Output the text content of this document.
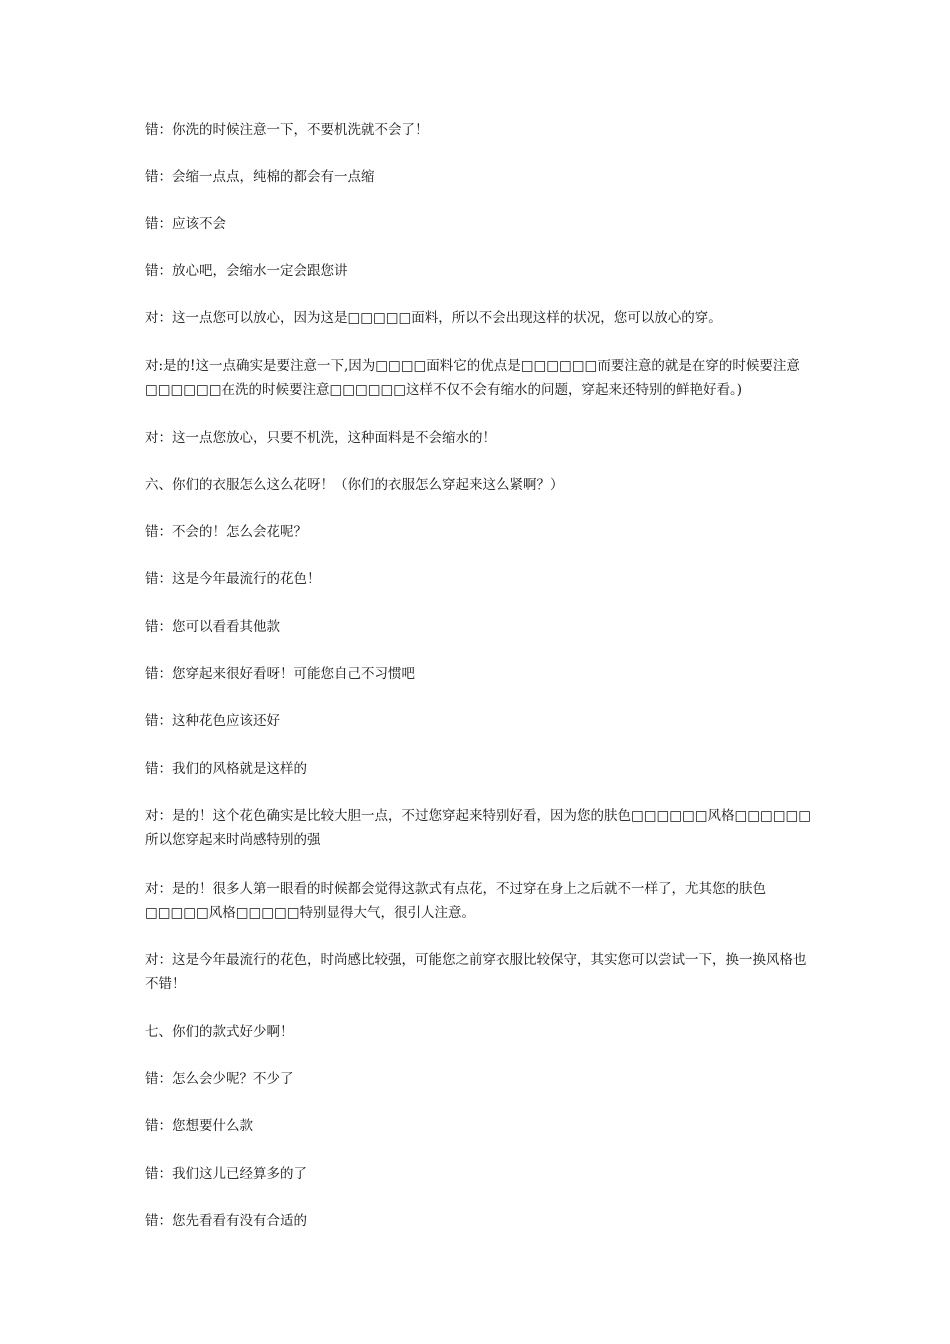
错：你洗的时候注意一下，不要机洗就不会了！

错：会缩一点点，纯棉的都会有一点缩

错：应该不会

错：放心吧，会缩水一定会跟您讲

对：这一点您可以放心，因为这是□□□□□面料，所以不会出现这样的状况，您可以放心的穿。

对:是的!这一点确实是要注意一下,因为□□□□面料它的优点是□□□□□□而要注意的就是在穿的时候要注意□□□□□□在洗的时候要注意□□□□□□这样不仅不会有缩水的问题，穿起来还特别的鲜艳好看。)

对：这一点您放心，只要不机洗，这种面料是不会缩水的！

六、你们的衣服怎么这么花呀！（你们的衣服怎么穿起来这么紧啊？）

错：不会的！怎么会花呢？

错：这是今年最流行的花色！

错：您可以看看其他款

错：您穿起来很好看呀！可能您自己不习惯吧

错：这种花色应该还好

错：我们的风格就是这样的

对：是的！这个花色确实是比较大胆一点，不过您穿起来特别好看，因为您的肤色□□□□□□风格□□□□□□所以您穿起来时尚感特别的强

对：是的！很多人第一眼看的时候都会觉得这款式有点花，不过穿在身上之后就不一样了，尤其您的肤色□□□□□风格□□□□□特别显得大气，很引人注意。

对：这是今年最流行的花色，时尚感比较强，可能您之前穿衣服比较保守，其实您可以尝试一下，换一换风格也不错！

七、你们的款式好少啊！

错：怎么会少呢？不少了

错：您想要什么款

错：我们这儿已经算多的了

错：您先看看有没有合适的
